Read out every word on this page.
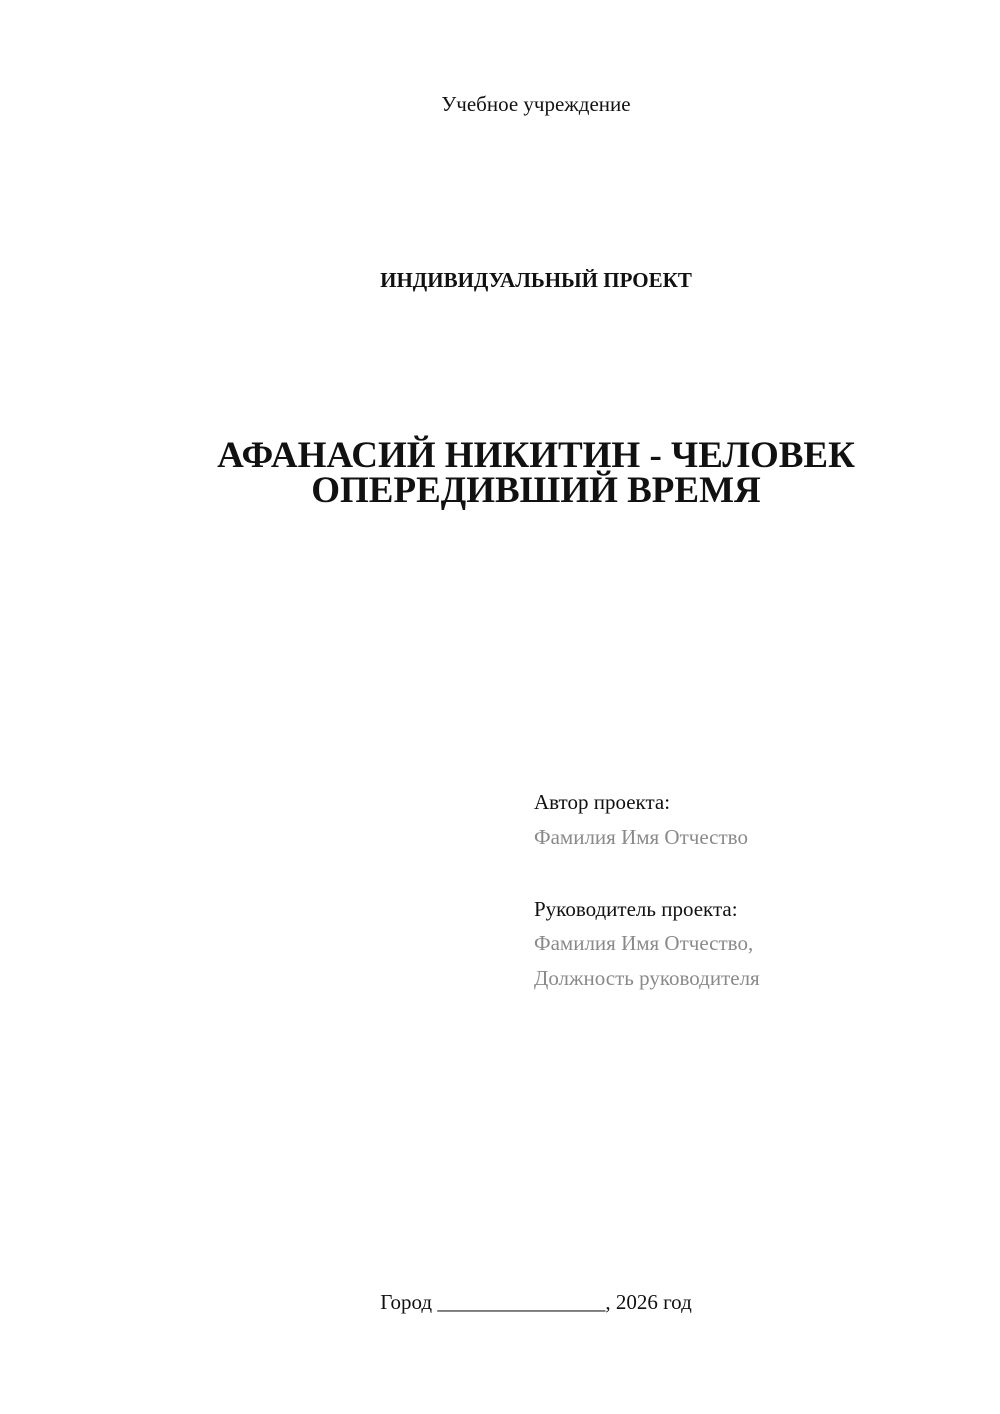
Учебное учреждение
ИНДИВИДУАЛЬНЫЙ ПРОЕКТ
АФАНАСИЙ НИКИТИН - ЧЕЛОВЕК
ОПЕРЕДИВШИЙ ВРЕМЯ
Автор проекта:
Фамилия Имя Отчество
Руководитель проекта:
Фамилия Имя Отчество,
Должность руководителя
Город ________________, 2026 год
